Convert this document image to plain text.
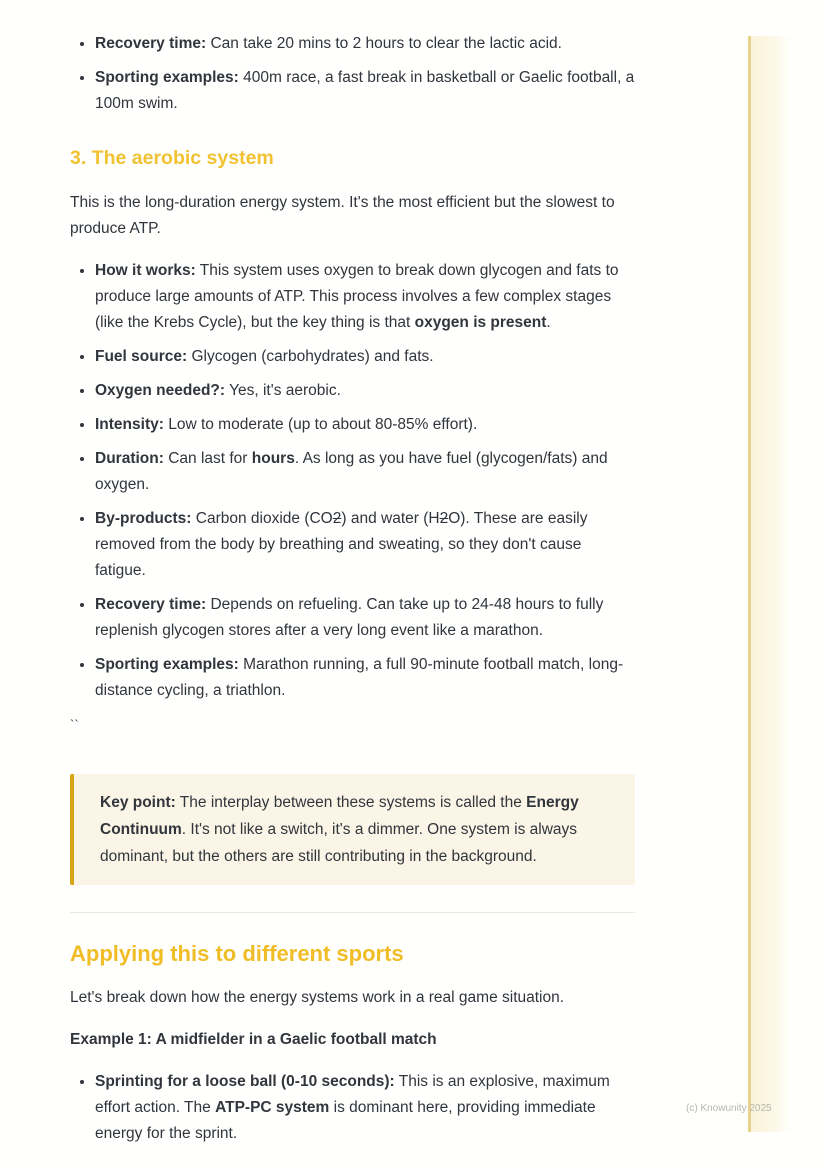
• Recovery time: Can take 20 mins to 2 hours to clear the lactic acid.
• Sporting examples: 400m race, a fast break in basketball or Gaelic football, a 100m swim.
3. The aerobic system

This is the long-duration energy system. It's the most efficient but the slowest to produce ATP.

• How it works: This system uses oxygen to break down glycogen and fats to produce large amounts of ATP. This process involves a few complex stages (like the Krebs Cycle), but the key thing is that oxygen is present.
• Fuel source: Glycogen (carbohydrates) and fats.
• Oxygen needed?: Yes, it's aerobic.
• Intensity: Low to moderate (up to about 80-85% effort).
• Duration: Can last for hours. As long as you have fuel (glycogen/fats) and oxygen.
• By-products: Carbon dioxide (CO2) and water (H2O). These are easily removed from the body by breathing and sweating, so they don't cause fatigue.
• Recovery time: Depends on refueling. Can take up to 24-48 hours to fully replenish glycogen stores after a very long event like a marathon.
• Sporting examples: Marathon running, a full 90-minute football match, long-distance cycling, a triathlon.

``

Key point: The interplay between these systems is called the Energy Continuum. It's not like a switch, it's a dimmer. One system is always dominant, but the others are still contributing in the background.
Applying this to different sports

Let's break down how the energy systems work in a real game situation.

Example 1: A midfielder in a Gaelic football match

• Sprinting for a loose ball (0-10 seconds): This is an explosive, maximum effort action. The ATP-PC system is dominant here, providing immediate energy for the sprint.
(c) Knowunity 2025
